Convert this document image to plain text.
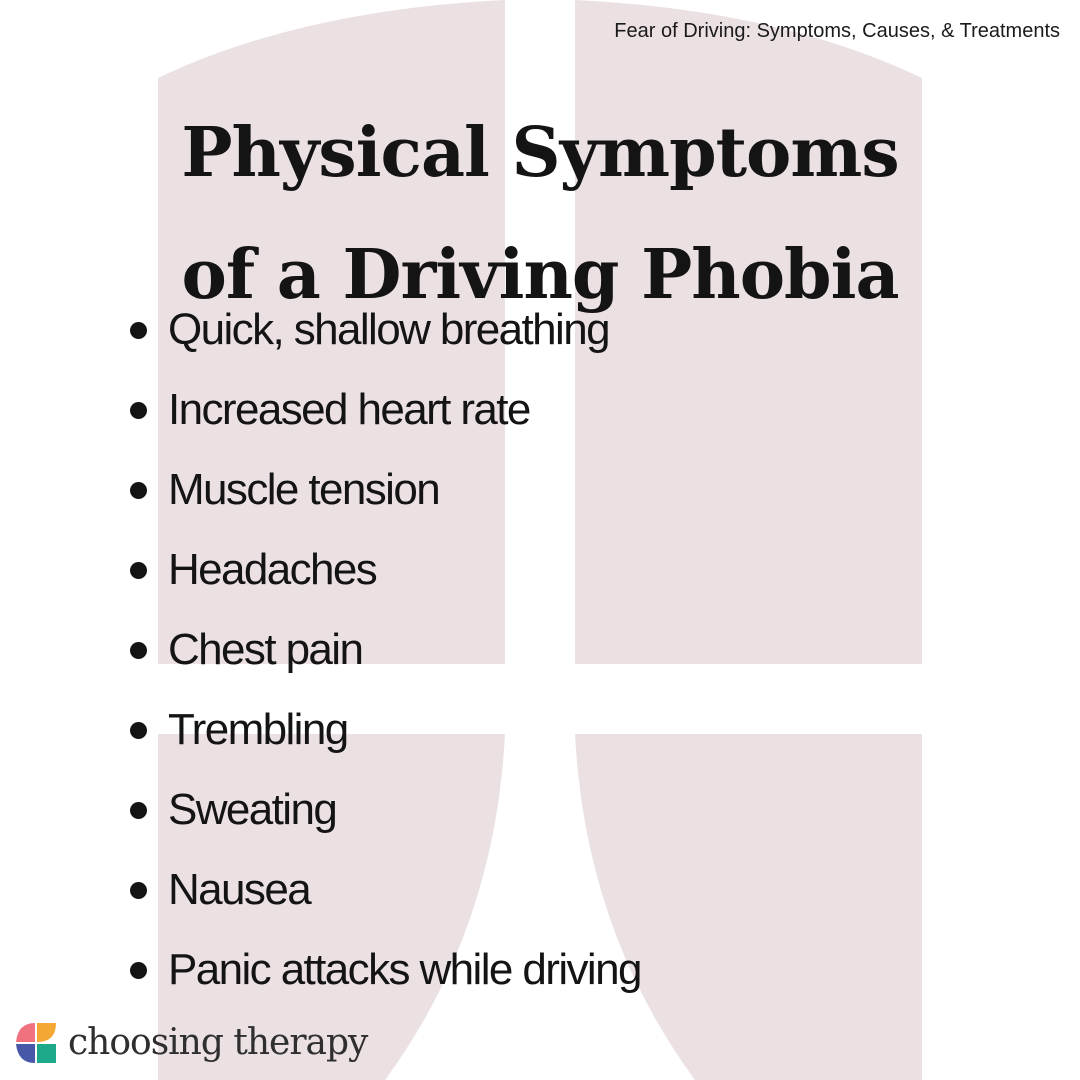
Fear of Driving: Symptoms, Causes, & Treatments
Physical Symptoms
of a Driving Phobia
Quick, shallow breathing
Increased heart rate
Muscle tension
Headaches
Chest pain
Trembling
Sweating
Nausea
Panic attacks while driving
choosing therapy
